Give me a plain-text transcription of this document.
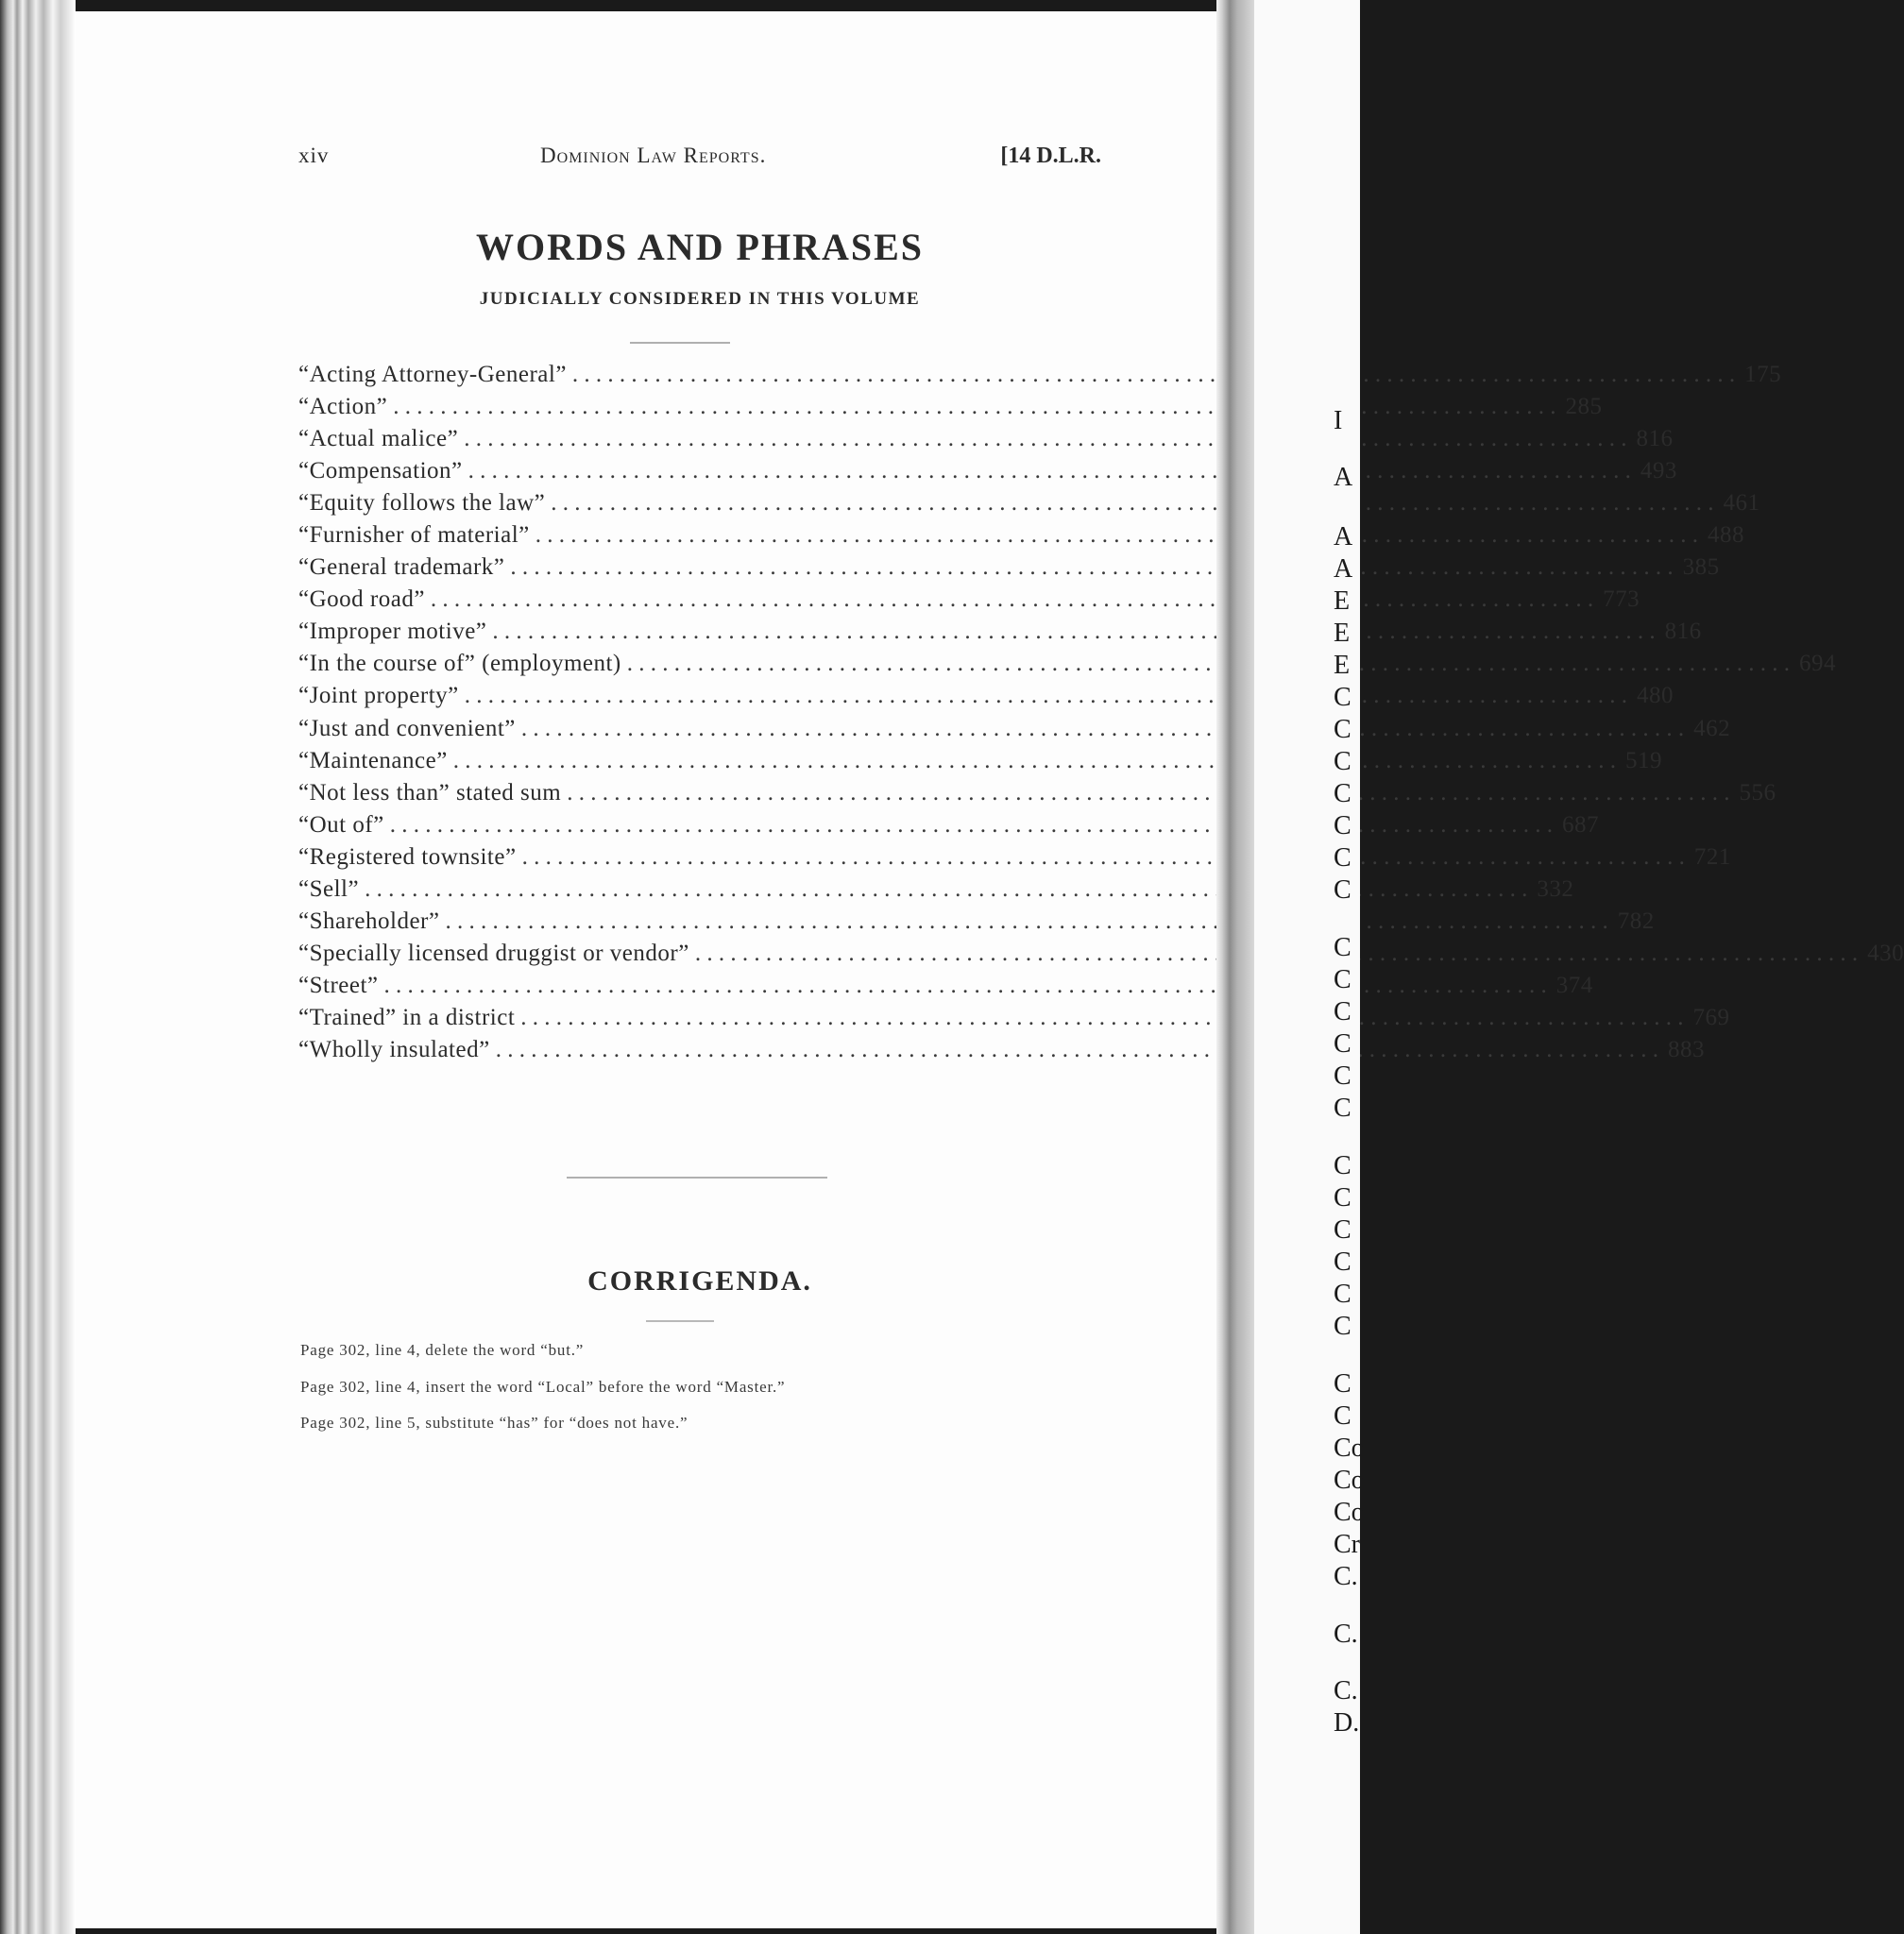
xiv	Dominion Law Reports.	[14 D.L.R.
WORDS AND PHRASES
JUDICIALLY CONSIDERED IN THIS VOLUME
“Acting Attorney-General” . . .	175
“Action” . . .	285
“Actual malice” . . .	816
“Compensation” . . .	493
“Equity follows the law” . . .	461
“Furnisher of material” . . .	488
“General trademark” . . .	385
“Good road” . . .	773
“Improper motive” . . .	816
“In the course of” (employment) . . .	694
“Joint property” . . .	480
“Just and convenient” . . .	462
“Maintenance” . . .	519
“Not less than” stated sum . . .	556
“Out of” . . .	687
“Registered townsite” . . .	721
“Sell” . . .	332
“Shareholder” . . .	782
“Specially licensed druggist or vendor” . . .	430
“Street” . . .	374
“Trained” in a district . . .	769
“Wholly insulated” . . .	883
CORRIGENDA.
Page 302, line 4, delete the word “but.”
Page 302, line 4, insert the word “Local” before the word “Master.”
Page 302, line 5, substitute “has” for “does not have.”
I
A
A
A
E
E
E
C
C
C
C
C
C
C
C
C
C
C
C
C
C
C
C
C
C
C
C
C
Co
Co
Co
Cr
C.
C.
C.
D.
